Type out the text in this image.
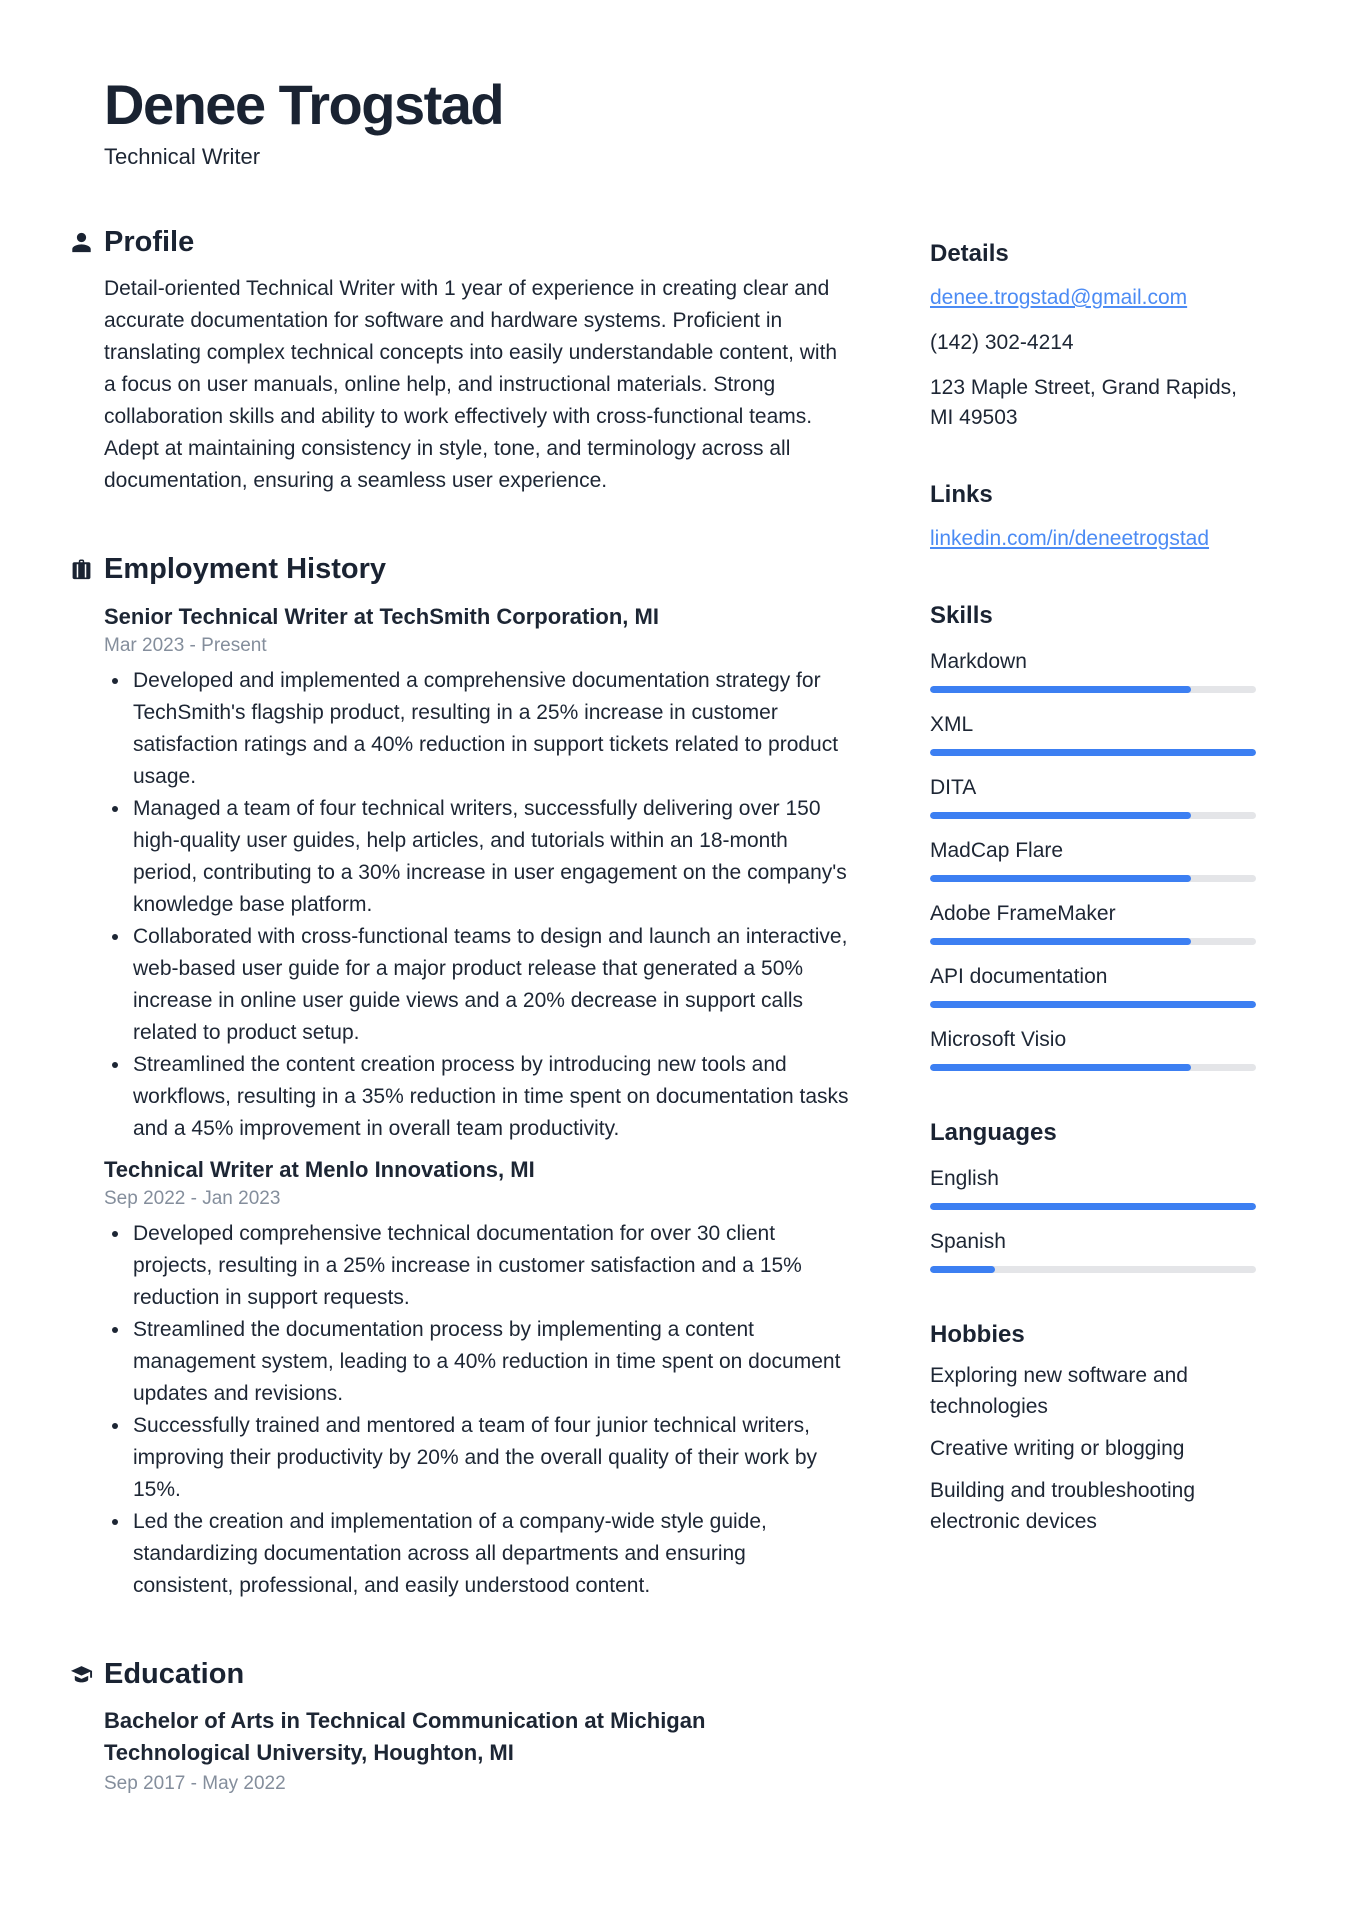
Denee Trogstad
Technical Writer
Profile

Detail-oriented Technical Writer with 1 year of experience in creating clear and accurate documentation for software and hardware systems. Proficient in translating complex technical concepts into easily understandable content, with a focus on user manuals, online help, and instructional materials. Strong collaboration skills and ability to work effectively with cross-functional teams. Adept at maintaining consistency in style, tone, and terminology across all documentation, ensuring a seamless user experience.

Employment History
Senior Technical Writer at TechSmith Corporation, MI
Mar 2023 - Present
• Developed and implemented a comprehensive documentation strategy for TechSmith's flagship product, resulting in a 25% increase in customer satisfaction ratings and a 40% reduction in support tickets related to product usage.
• Managed a team of four technical writers, successfully delivering over 150 high-quality user guides, help articles, and tutorials within an 18-month period, contributing to a 30% increase in user engagement on the company's knowledge base platform.
• Collaborated with cross-functional teams to design and launch an interactive, web-based user guide for a major product release that generated a 50% increase in online user guide views and a 20% decrease in support calls related to product setup.
• Streamlined the content creation process by introducing new tools and workflows, resulting in a 35% reduction in time spent on documentation tasks and a 45% improvement in overall team productivity.
Technical Writer at Menlo Innovations, MI
Sep 2022 - Jan 2023
• Developed comprehensive technical documentation for over 30 client projects, resulting in a 25% increase in customer satisfaction and a 15% reduction in support requests.
• Streamlined the documentation process by implementing a content management system, leading to a 40% reduction in time spent on document updates and revisions.
• Successfully trained and mentored a team of four junior technical writers, improving their productivity by 20% and the overall quality of their work by 15%.
• Led the creation and implementation of a company-wide style guide, standardizing documentation across all departments and ensuring consistent, professional, and easily understood content.
Education
Bachelor of Arts in Technical Communication at Michigan Technological University, Houghton, MI
Sep 2017 - May 2022
Details
denee.trogstad@gmail.com
(142) 302-4214
123 Maple Street, Grand Rapids, MI 49503
Links
linkedin.com/in/deneetrogstad
Skills
Markdown
XML
DITA
MadCap Flare
Adobe FrameMaker
API documentation
Microsoft Visio
Languages
English
Spanish
Hobbies
Exploring new software and technologies
Creative writing or blogging
Building and troubleshooting electronic devices
